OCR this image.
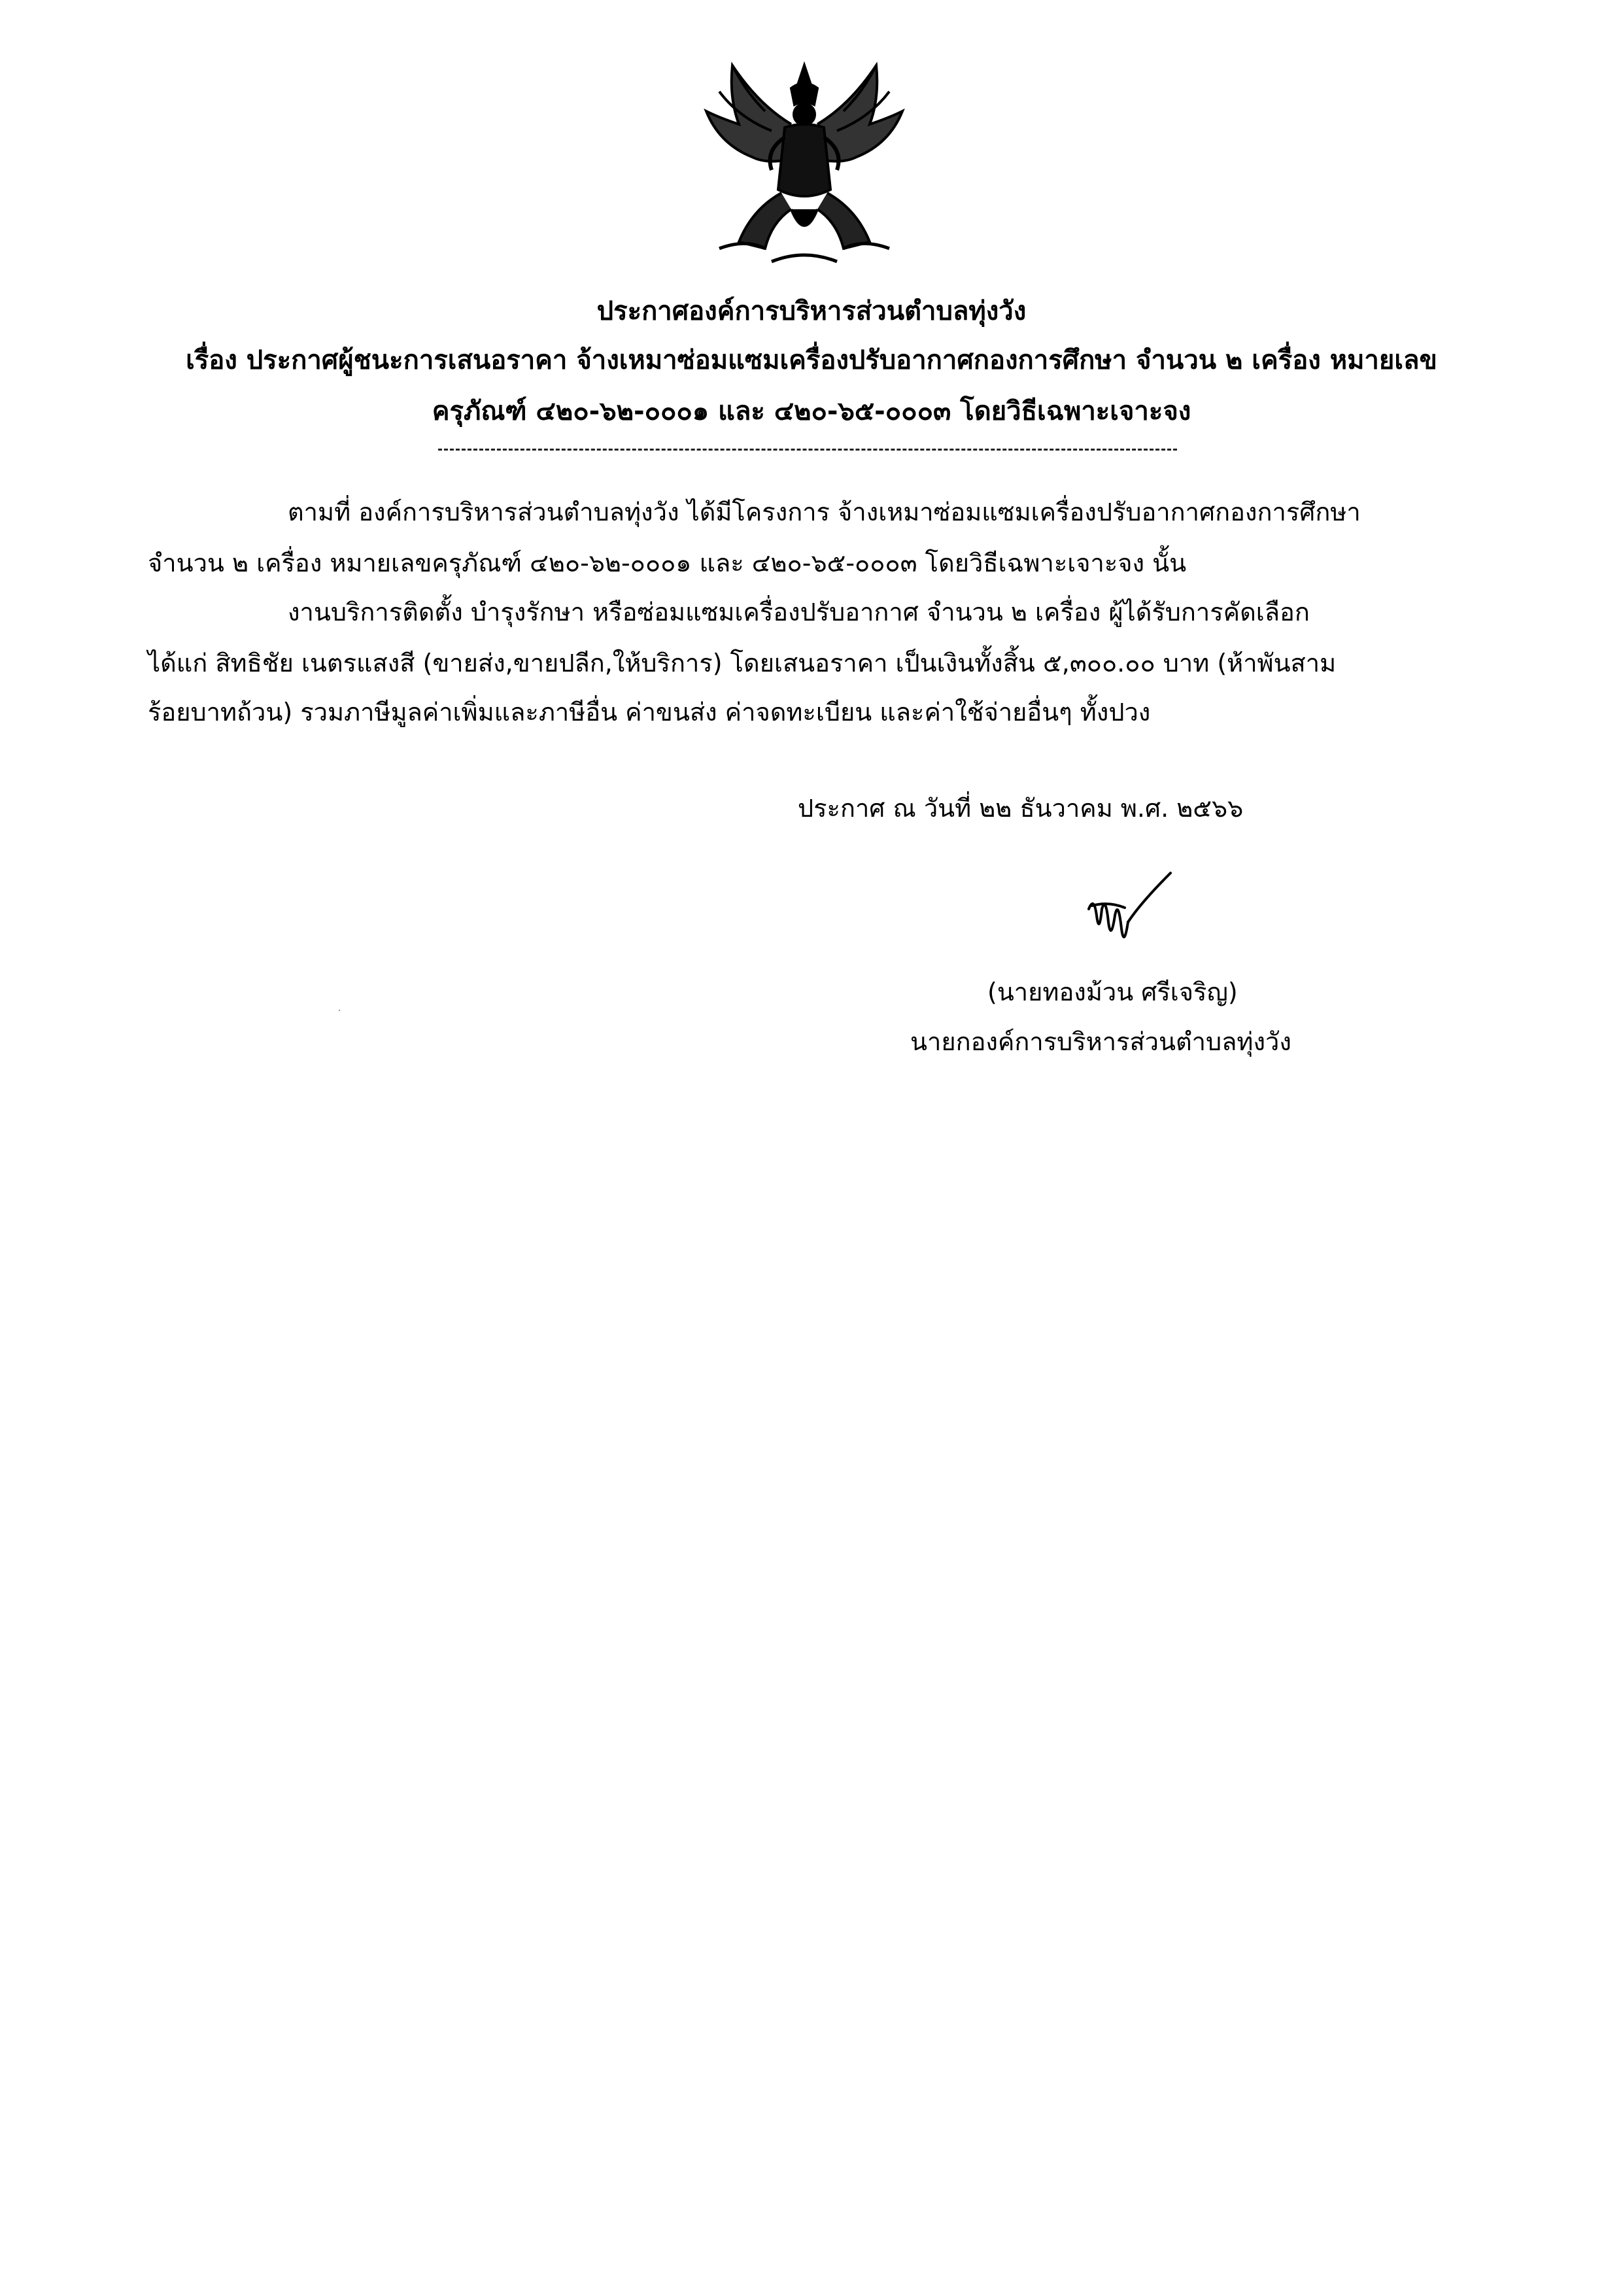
ประกาศองค์การบริหารส่วนตำบลทุ่งวัง
เรื่อง ประกาศผู้ชนะการเสนอราคา จ้างเหมาซ่อมแซมเครื่องปรับอากาศกองการศึกษา จำนวน ๒ เครื่อง หมายเลข
ครุภัณฑ์ ๔๒๐-๖๒-๐๐๐๑ และ ๔๒๐-๖๕-๐๐๐๓ โดยวิธีเฉพาะเจาะจง
ตามที่ องค์การบริหารส่วนตำบลทุ่งวัง ได้มีโครงการ จ้างเหมาซ่อมแซมเครื่องปรับอากาศกองการศึกษา
จำนวน ๒ เครื่อง หมายเลขครุภัณฑ์ ๔๒๐-๖๒-๐๐๐๑ และ ๔๒๐-๖๕-๐๐๐๓ โดยวิธีเฉพาะเจาะจง นั้น
งานบริการติดตั้ง บำรุงรักษา หรือซ่อมแซมเครื่องปรับอากาศ จำนวน ๒ เครื่อง ผู้ได้รับการคัดเลือก
ได้แก่ สิทธิชัย เนตรแสงสี (ขายส่ง,ขายปลีก,ให้บริการ) โดยเสนอราคา เป็นเงินทั้งสิ้น ๕,๓๐๐.๐๐ บาท (ห้าพันสาม
ร้อยบาทถ้วน) รวมภาษีมูลค่าเพิ่มและภาษีอื่น ค่าขนส่ง ค่าจดทะเบียน และค่าใช้จ่ายอื่นๆ ทั้งปวง
ประกาศ ณ วันที่ ๒๒ ธันวาคม พ.ศ. ๒๕๖๖
(นายทองม้วน ศรีเจริญ)
นายกองค์การบริหารส่วนตำบลทุ่งวัง
